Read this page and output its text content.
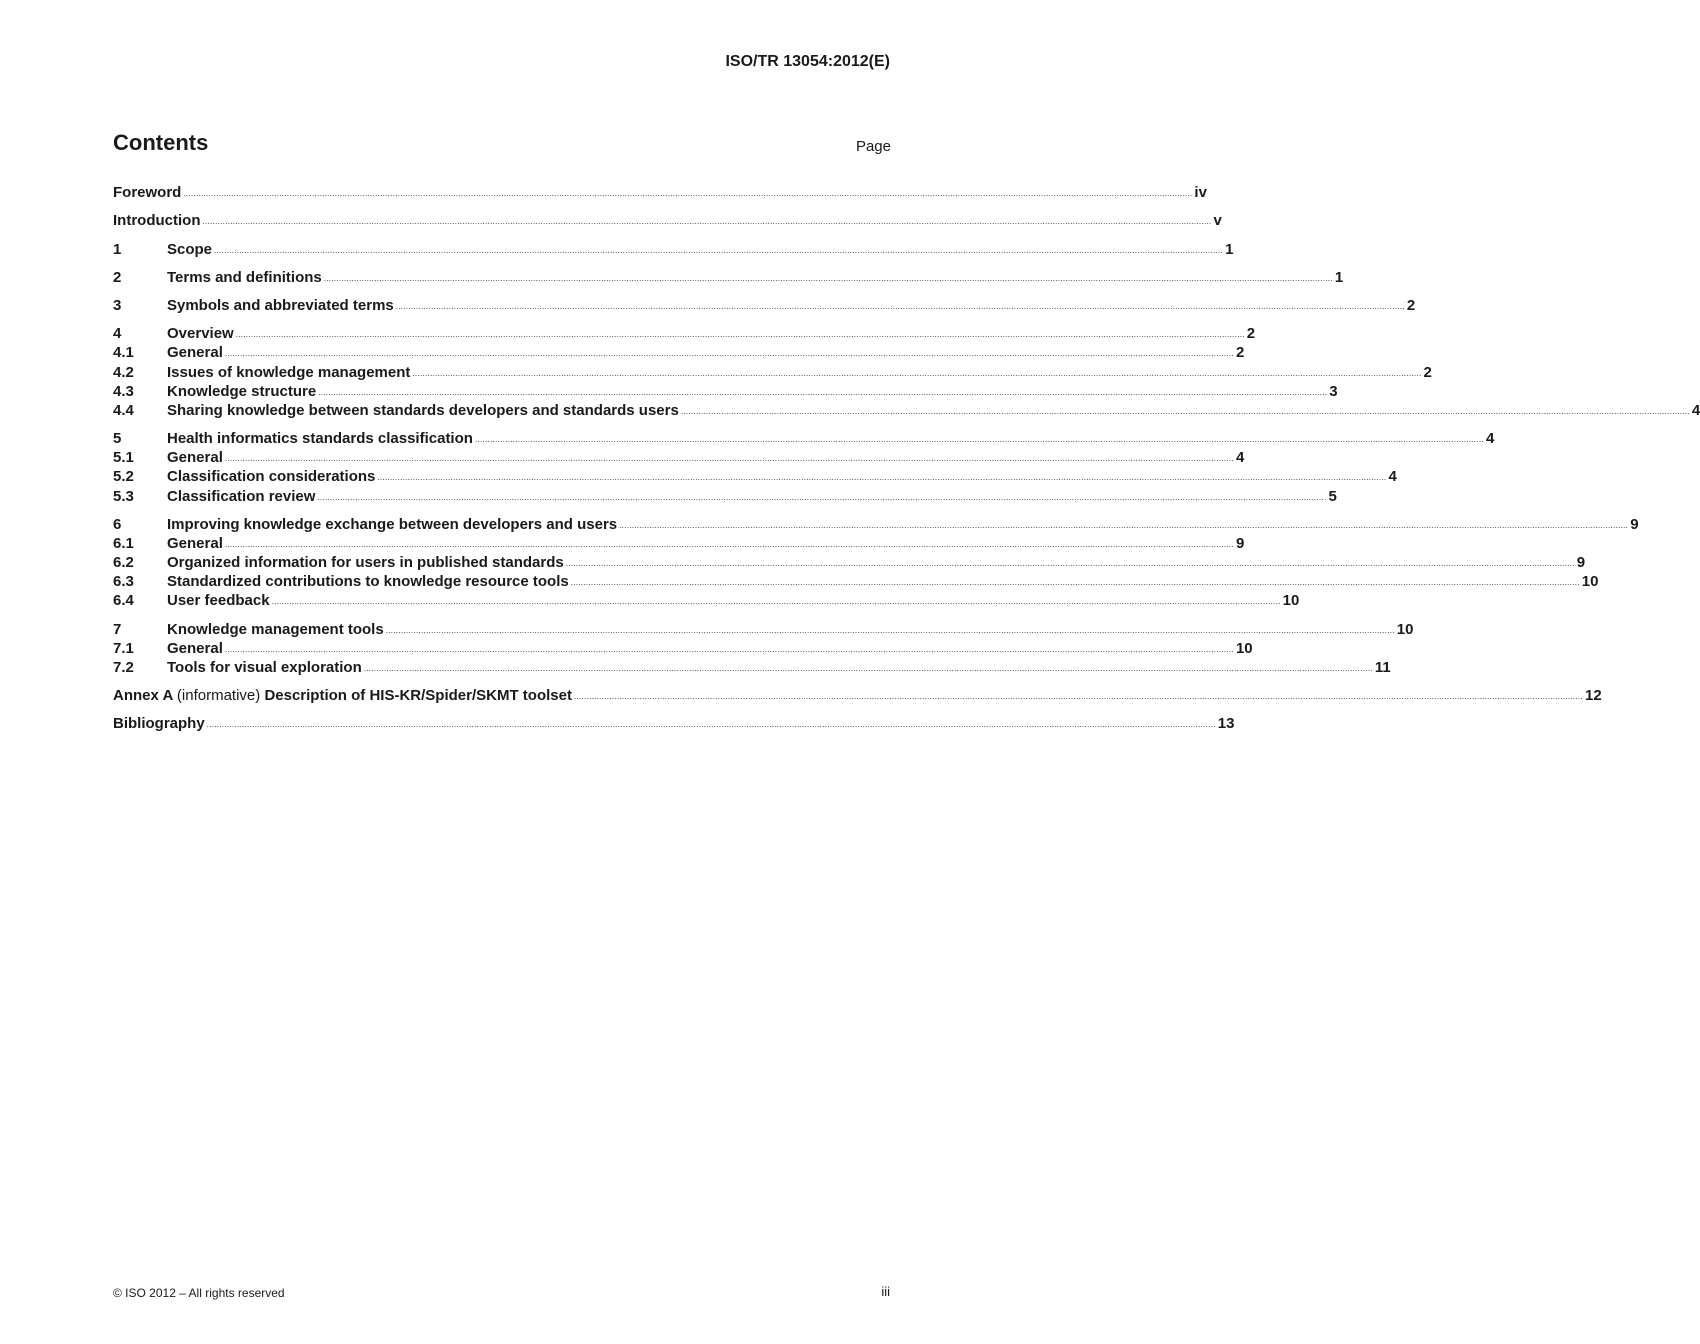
ISO/TR 13054:2012(E)
Contents	Page
Foreword ................................................................................................................................................................................................................................................................................................................................................................................................................ iv
Introduction ................................................................................................................................................................................................................................................................................................................................................................................................................ v
1	Scope ................................................................................................................................................................................................................................................................................................................................................................................................................ 1
2	Terms and definitions ................................................................................................................................................................................................................................................................................................................................................................................................................ 1
3	Symbols and abbreviated terms ................................................................................................................................................................................................................................................................................................................................................................................................................ 2
4	Overview ................................................................................................................................................................................................................................................................................................................................................................................................................ 2
4.1	General ................................................................................................................................................................................................................................................................................................................................................................................................................ 2
4.2	Issues of knowledge management ................................................................................................................................................................................................................................................................................................................................................................................................................ 2
4.3	Knowledge structure ................................................................................................................................................................................................................................................................................................................................................................................................................ 3
4.4	Sharing knowledge between standards developers and standards users ................................................................................................................................................................................................................................................................................................................................................................................................................ 4
5	Health informatics standards classification ................................................................................................................................................................................................................................................................................................................................................................................................................ 4
5.1	General ................................................................................................................................................................................................................................................................................................................................................................................................................ 4
5.2	Classification considerations ................................................................................................................................................................................................................................................................................................................................................................................................................ 4
5.3	Classification review ................................................................................................................................................................................................................................................................................................................................................................................................................ 5
6	Improving knowledge exchange between developers and users ................................................................................................................................................................................................................................................................................................................................................................................................................ 9
6.1	General ................................................................................................................................................................................................................................................................................................................................................................................................................ 9
6.2	Organized information for users in published standards ................................................................................................................................................................................................................................................................................................................................................................................................................ 9
6.3	Standardized contributions to knowledge resource tools ................................................................................................................................................................................................................................................................................................................................................................................................................ 10
6.4	User feedback ................................................................................................................................................................................................................................................................................................................................................................................................................ 10
7	Knowledge management tools ................................................................................................................................................................................................................................................................................................................................................................................................................ 10
7.1	General ................................................................................................................................................................................................................................................................................................................................................................................................................ 10
7.2	Tools for visual exploration ................................................................................................................................................................................................................................................................................................................................................................................................................ 11
Annex A (informative) Description of HIS-KR/Spider/SKMT toolset ................................................................................................................................................................................................................................................................................................................................................................................................................ 12
Bibliography ................................................................................................................................................................................................................................................................................................................................................................................................................ 13
© ISO 2012 – All rights reserved	iii
